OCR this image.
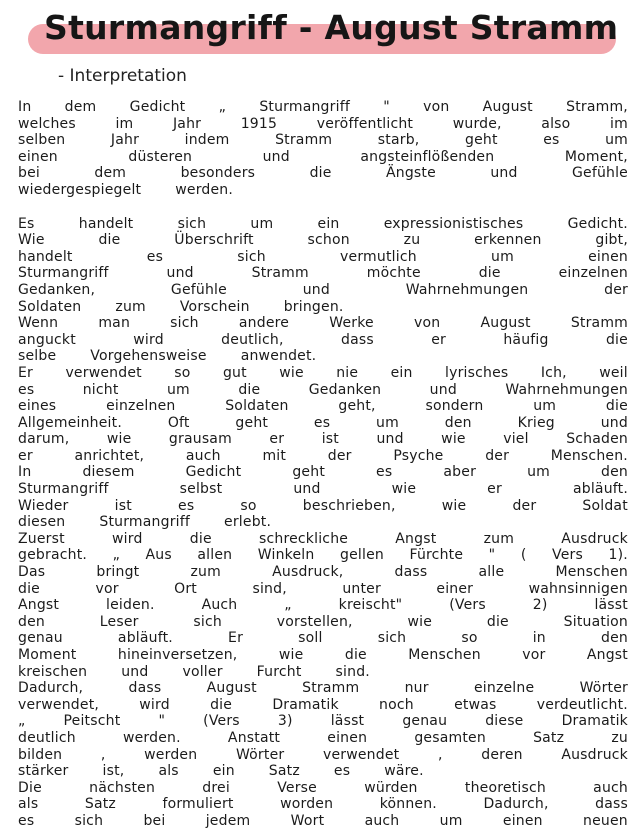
Sturmangriff - August Stramm
- Interpretation
In dem Gedicht „ Sturmangriff " von August Stramm,
welches	im	Jahr	1915	veröffentlicht	wurde,	also	im
selben	Jahr	indem	Stramm	starb,	geht	es	um
einen	düsteren	und	angsteinflößenden	Moment,
bei	dem	besonders	die	Ängste	und	Gefühle
wiedergespiegelt werden.
Es	handelt	sich	um	ein	expressionistisches	Gedicht.
Wie	die	Überschrift	schon	zu	erkennen	gibt,
handelt	es	sich	vermutlich	um	einen
Sturmangriff	und	Stramm	möchte	die	einzelnen
Gedanken,	Gefühle	und	Wahrnehmungen	der
Soldaten zum Vorschein bringen.
Wenn	man	sich	andere	Werke	von	August	Stramm
anguckt	wird	deutlich,	dass	er	häufig	die
selbe Vorgehensweise anwendet.
Er verwendet so gut wie nie ein lyrisches Ich, weil
es	nicht	um	die	Gedanken	und	Wahrnehmungen
eines	einzelnen	Soldaten	geht,	sondern	um	die
Allgemeinheit.	Oft	geht	es	um	den	Krieg	und
darum,	wie	grausam	er	ist	und	wie	viel	Schaden
er	anrichtet,	auch	mit	der	Psyche	der	Menschen.
In	diesem	Gedicht	geht	es	aber	um	den
Sturmangriff	selbst	und	wie	er	abläuft.
Wieder	ist	es	so	beschrieben,	wie	der	Soldat
diesen Sturmangriff erlebt.
Zuerst	wird	die	schreckliche	Angst	zum	Ausdruck
gebracht. „ Aus allen Winkeln gellen Fürchte " ( Vers 1).
Das	bringt	zum	Ausdruck,	dass	alle	Menschen
die	vor	Ort	sind,	unter	einer	wahnsinnigen
Angst	leiden.	Auch	„	kreischt"	(Vers	2)	lässt
den	Leser	sich	vorstellen,	wie	die	Situation
genau	abläuft.	Er	soll	sich	so	in	den
Moment	hineinversetzen,	wie	die	Menschen	vor	Angst
kreischen und voller Furcht sind.
Dadurch,	dass	August	Stramm	nur	einzelne	Wörter
verwendet,	wird	die	Dramatik	noch	etwas	verdeutlicht.
„	Peitscht	"	(Vers	3)	lässt	genau	diese	Dramatik
deutlich	werden.	Anstatt	einen	gesamten	Satz	zu
bilden	,	werden	Wörter	verwendet	,	deren	Ausdruck
stärker ist, als ein Satz es wäre.
Die	nächsten	drei	Verse	würden	theoretisch	auch
als	Satz	formuliert	worden	können.	Dadurch,	dass
es	sich	bei	jedem	Wort	auch	um	einen	neuen
